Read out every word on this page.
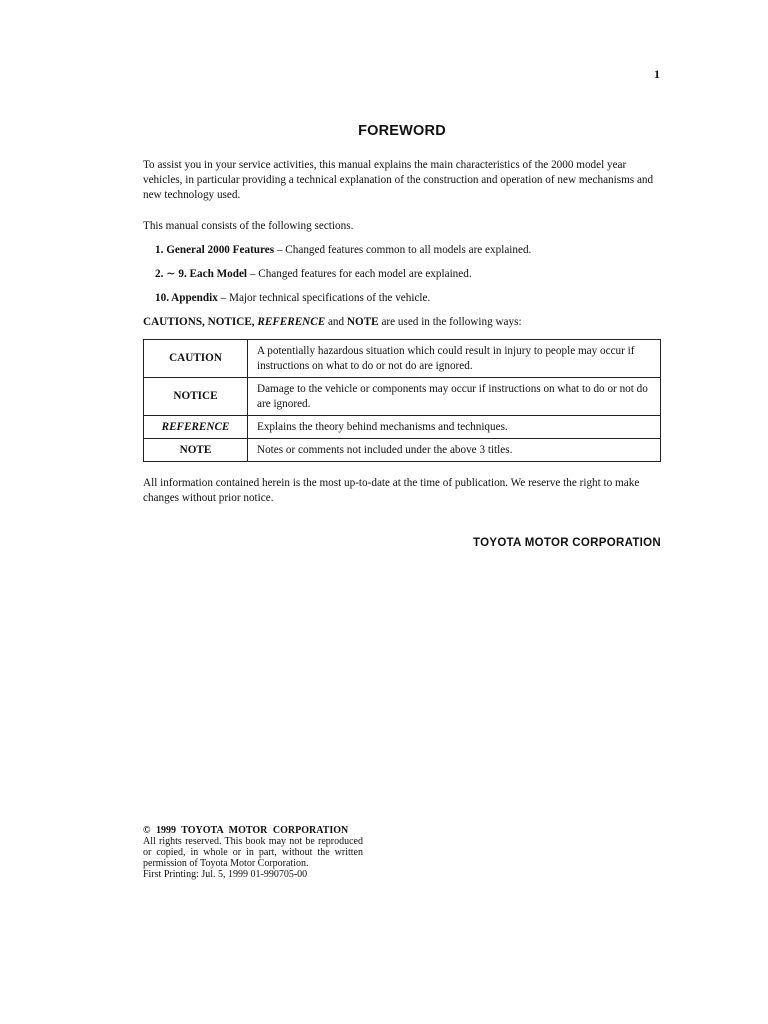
1
FOREWORD

To assist you in your service activities, this manual explains the main characteristics of the 2000 model year vehicles, in particular providing a technical explanation of the construction and operation of new mechanisms and new technology used.

This manual consists of the following sections.

1. General 2000 Features – Changed features common to all models are explained.

2. ∼ 9. Each Model – Changed features for each model are explained.

10. Appendix – Major technical specifications of the vehicle.

CAUTIONS, NOTICE, REFERENCE and NOTE are used in the following ways:

CAUTION	A potentially hazardous situation which could result in injury to people may occur if instructions on what to do or not do are ignored.
NOTICE	Damage to the vehicle or components may occur if instructions on what to do or not do are ignored.
REFERENCE	Explains the theory behind mechanisms and techniques.
NOTE	Notes or comments not included under the above 3 titles.

All information contained herein is the most up-to-date at the time of publication. We reserve the right to make changes without prior notice.

TOYOTA MOTOR CORPORATION
© 1999 TOYOTA MOTOR CORPORATION
All rights reserved. This book may not be reproduced or copied, in whole or in part, without the written permission of Toyota Motor Corporation.
First Printing: Jul. 5, 1999 01-990705-00
